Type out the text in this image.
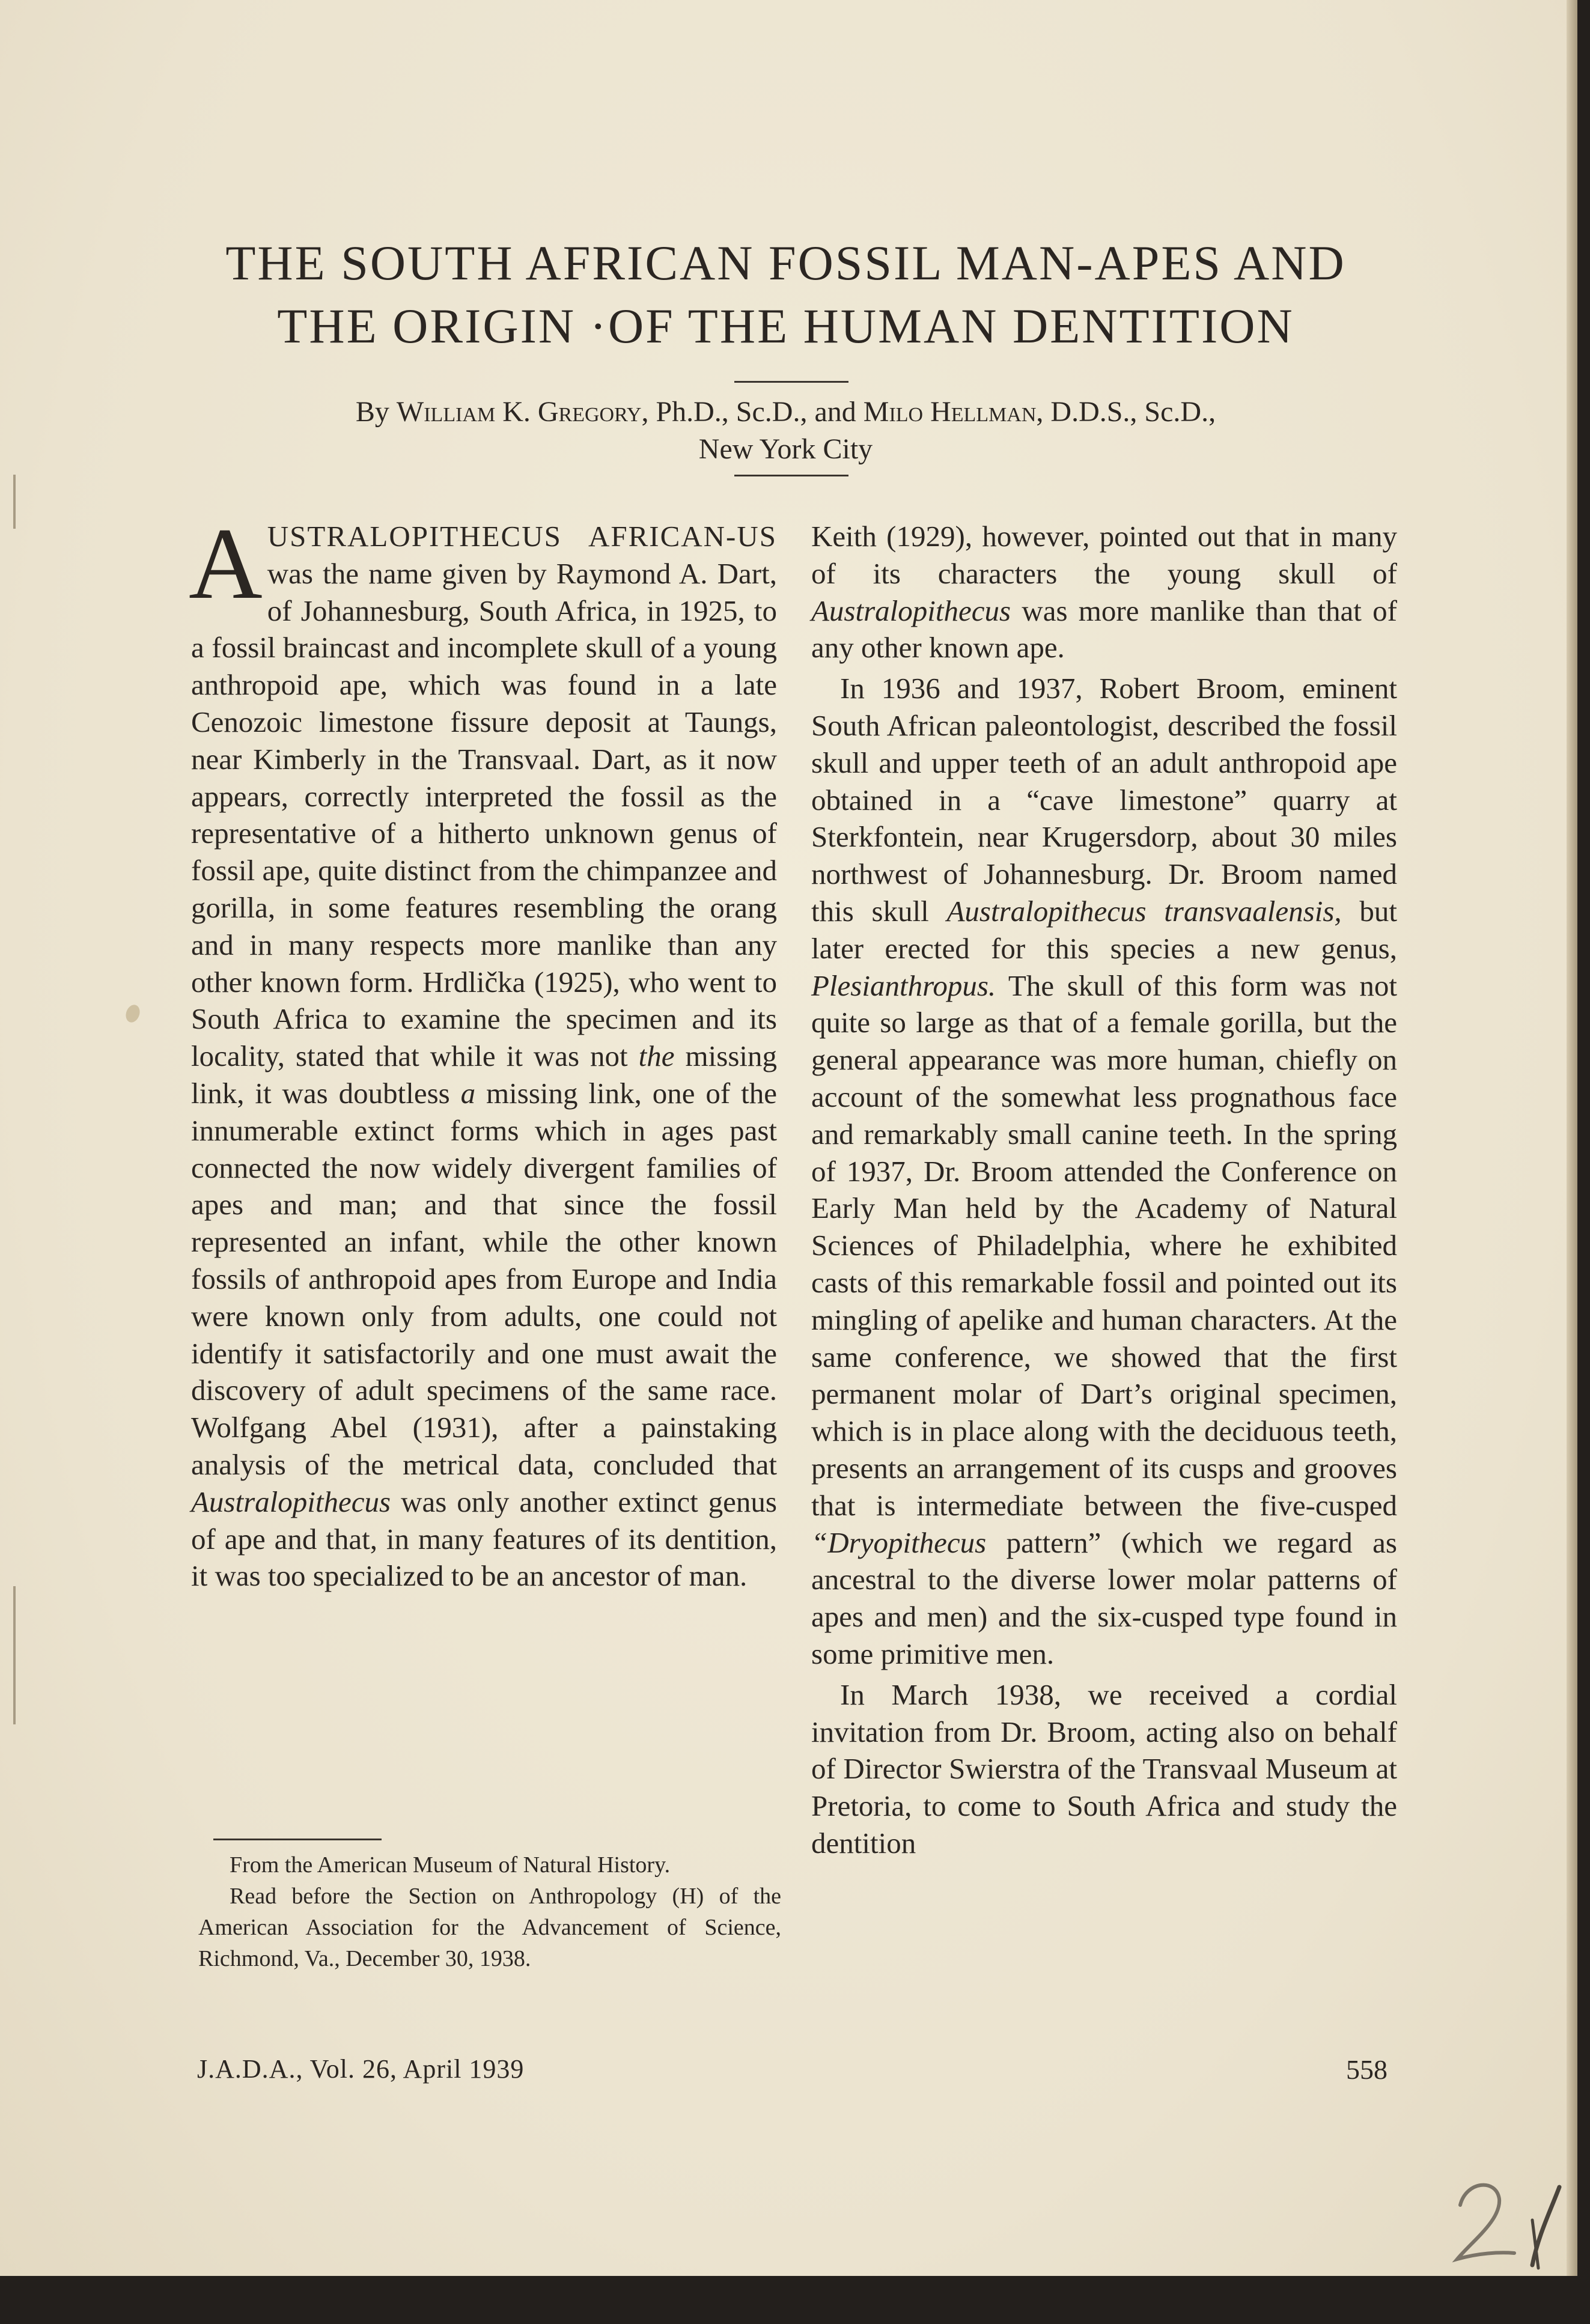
THE SOUTH AFRICAN FOSSIL MAN-APES AND
THE ORIGIN ·OF THE HUMAN DENTITION
By William K. Gregory, Ph.D., Sc.D., and Milo Hellman, D.D.S., Sc.D.,
New York City

AUSTRALOPITHECUS AFRICAN-US was the name given by Raymond A. Dart, of Johannesburg, South Africa, in 1925, to a fossil braincast and incomplete skull of a young anthropoid ape, which was found in a late Cenozoic limestone fissure deposit at Taungs, near Kimberly in the Transvaal. Dart, as it now appears, correctly interpreted the fossil as the representative of a hitherto unknown genus of fossil ape, quite distinct from the chimpanzee and gorilla, in some features resembling the orang and in many respects more manlike than any other known form. Hrdlička (1925), who went to South Africa to examine the specimen and its locality, stated that while it was not the missing link, it was doubtless a missing link, one of the innumerable extinct forms which in ages past connected the now widely divergent families of apes and man; and that since the fossil represented an infant, while the other known fossils of anthropoid apes from Europe and India were known only from adults, one could not identify it satisfactorily and one must await the discovery of adult specimens of the same race. Wolfgang Abel (1931), after a painstaking analysis of the metrical data, concluded that Australopithecus was only another extinct genus of ape and that, in many features of its dentition, it was too specialized to be an ancestor of man.

Keith (1929), however, pointed out that in many of its characters the young skull of Australopithecus was more manlike than that of any other known ape.

In 1936 and 1937, Robert Broom, eminent South African paleontologist, described the fossil skull and upper teeth of an adult anthropoid ape obtained in a “cave limestone” quarry at Sterkfontein, near Krugersdorp, about 30 miles northwest of Johannesburg. Dr. Broom named this skull Australopithecus transvaalensis, but later erected for this species a new genus, Plesianthropus. The skull of this form was not quite so large as that of a female gorilla, but the general appearance was more human, chiefly on account of the somewhat less prognathous face and remarkably small canine teeth. In the spring of 1937, Dr. Broom attended the Conference on Early Man held by the Academy of Natural Sciences of Philadelphia, where he exhibited casts of this remarkable fossil and pointed out its mingling of apelike and human characters. At the same conference, we showed that the first permanent molar of Dart’s original specimen, which is in place along with the deciduous teeth, presents an arrangement of its cusps and grooves that is intermediate between the five-cusped “Dryopithecus pattern” (which we regard as ancestral to the diverse lower molar patterns of apes and men) and the six-cusped type found in some primitive men.

In March 1938, we received a cordial invitation from Dr. Broom, acting also on behalf of Director Swierstra of the Transvaal Museum at Pretoria, to come to South Africa and study the dentition

From the American Museum of Natural History.

Read before the Section on Anthropology (H) of the American Association for the Advancement of Science, Richmond, Va., December 30, 1938.

J.A.D.A., Vol. 26, April 1939	558
